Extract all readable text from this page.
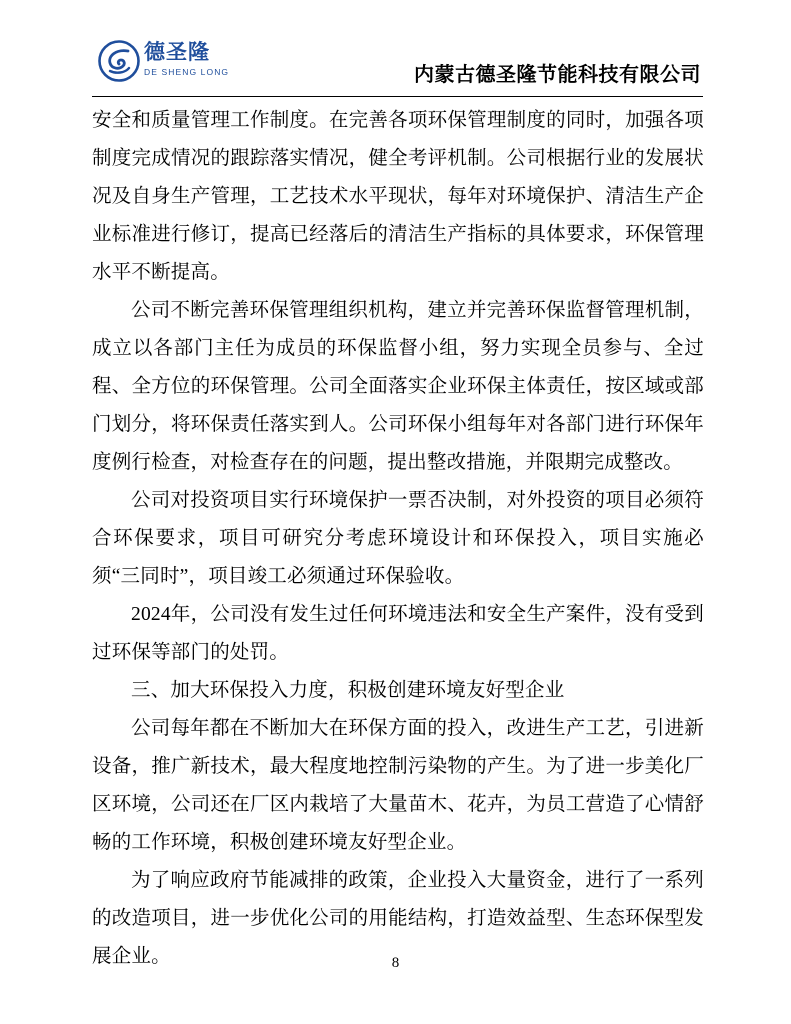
德圣隆
DE SHENG LONG	内蒙古德圣隆节能科技有限公司

安全和质量管理工作制度。在完善各项环保管理制度的同时，加强各项制度完成情况的跟踪落实情况，健全考评机制。公司根据行业的发展状况及自身生产管理，工艺技术水平现状，每年对环境保护、清洁生产企业标准进行修订，提高已经落后的清洁生产指标的具体要求，环保管理水平不断提高。

公司不断完善环保管理组织机构，建立并完善环保监督管理机制，成立以各部门主任为成员的环保监督小组，努力实现全员参与、全过程、全方位的环保管理。公司全面落实企业环保主体责任，按区域或部门划分，将环保责任落实到人。公司环保小组每年对各部门进行环保年度例行检查，对检查存在的问题，提出整改措施，并限期完成整改。

公司对投资项目实行环境保护一票否决制，对外投资的项目必须符合环保要求，项目可研究分考虑环境设计和环保投入，项目实施必须“三同时”，项目竣工必须通过环保验收。

2024年，公司没有发生过任何环境违法和安全生产案件，没有受到过环保等部门的处罚。

三、加大环保投入力度，积极创建环境友好型企业

公司每年都在不断加大在环保方面的投入，改进生产工艺，引进新设备，推广新技术，最大程度地控制污染物的产生。为了进一步美化厂区环境，公司还在厂区内栽培了大量苗木、花卉，为员工营造了心情舒畅的工作环境，积极创建环境友好型企业。

为了响应政府节能减排的政策，企业投入大量资金，进行了一系列的改造项目，进一步优化公司的用能结构，打造效益型、生态环保型发展企业。	8
